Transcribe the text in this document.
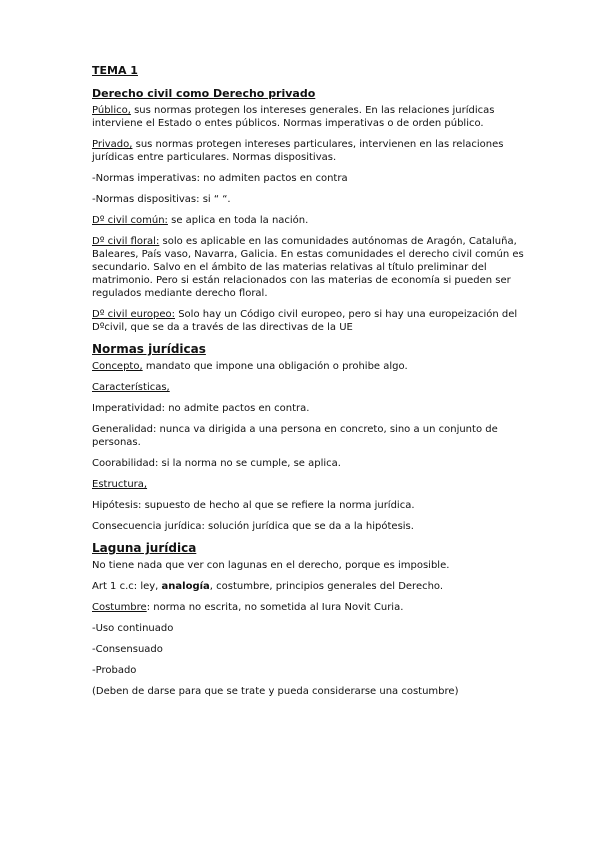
TEMA 1
Derecho civil como Derecho privado

Público, sus normas protegen los intereses generales. En las relaciones jurídicas interviene el Estado o entes públicos. Normas imperativas o de orden público.

Privado, sus normas protegen intereses particulares, intervienen en las relaciones jurídicas entre particulares. Normas dispositivas.

-Normas imperativas: no admiten pactos en contra

-Normas dispositivas: si “ “.

Dº civil común: se aplica en toda la nación.

Dº civil floral: solo es aplicable en las comunidades autónomas de Aragón, Cataluña, Baleares, País vaso, Navarra, Galicia. En estas comunidades el derecho civil común es secundario. Salvo en el ámbito de las materias relativas al título preliminar del matrimonio. Pero si están relacionados con las materias de economía si pueden ser regulados mediante derecho floral.

Dº civil europeo: Solo hay un Código civil europeo, pero si hay una europeización del Dºcivil, que se da a través de las directivas de la UE

Normas jurídicas

Concepto, mandato que impone una obligación o prohibe algo.

Características,

Imperatividad: no admite pactos en contra.

Generalidad: nunca va dirigida a una persona en concreto, sino a un conjunto de personas.

Coorabilidad: si la norma no se cumple, se aplica.

Estructura,

Hipótesis: supuesto de hecho al que se refiere la norma jurídica.

Consecuencia jurídica: solución jurídica que se da a la hipótesis.

Laguna jurídica

No tiene nada que ver con lagunas en el derecho, porque es imposible.

Art 1 c.c: ley, analogía, costumbre, principios generales del Derecho.

Costumbre: norma no escrita, no sometida al Iura Novit Curia.

-Uso continuado

-Consensuado

-Probado

(Deben de darse para que se trate y pueda considerarse una costumbre)
